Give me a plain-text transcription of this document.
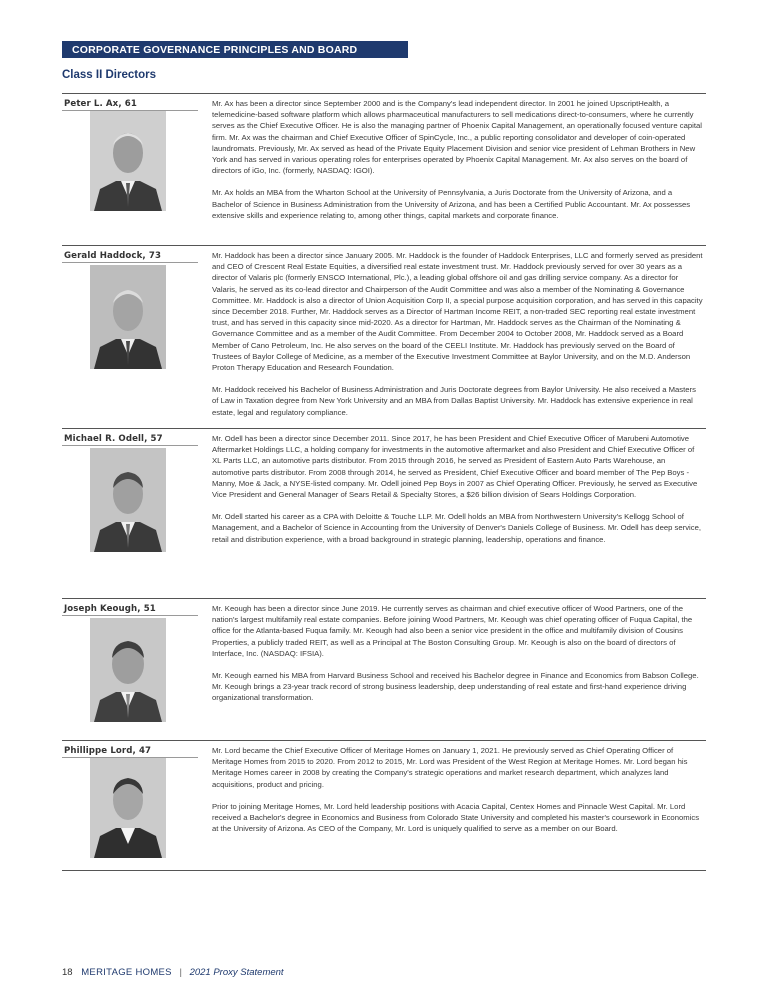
CORPORATE GOVERNANCE PRINCIPLES AND BOARD MATTERS
Class II Directors
Peter L. Ax, 61	Mr. Ax has been a director since September 2000 and is the Company's lead independent director. In 2001 he joined UpscriptHealth, a telemedicine-based software platform which allows pharmaceutical manufacturers to sell medications direct-to-consumers, where he currently serves as the Chief Executive Officer. He is also the managing partner of Phoenix Capital Management, an operationally focused venture capital firm. Mr. Ax was the chairman and Chief Executive Officer of SpinCycle, Inc., a public reporting consolidator and developer of coin-operated laundromats. Previously, Mr. Ax served as head of the Private Equity Placement Division and senior vice president of Lehman Brothers in New York and has served in various operating roles for enterprises operated by Phoenix Capital Management. Mr. Ax also serves on the board of directors of iGo, Inc. (formerly, NASDAQ: IGOI).

Mr. Ax holds an MBA from the Wharton School at the University of Pennsylvania, a Juris Doctorate from the University of Arizona, and a Bachelor of Science in Business Administration from the University of Arizona, and has been a Certified Public Accountant. Mr. Ax possesses extensive skills and experience relating to, among other things, capital markets and corporate finance.

Gerald Haddock, 73	Mr. Haddock has been a director since January 2005. Mr. Haddock is the founder of Haddock Enterprises, LLC and formerly served as president and CEO of Crescent Real Estate Equities, a diversified real estate investment trust. Mr. Haddock previously served for over 30 years as a director of Valaris plc (formerly ENSCO International, Plc.), a leading global offshore oil and gas drilling service company. As a director for Valaris, he served as its co-lead director and Chairperson of the Audit Committee and was also a member of the Nominating & Governance Committee. Mr. Haddock is also a director of Union Acquisition Corp II, a special purpose acquisition corporation, and has served in this capacity since December 2018. Further, Mr. Haddock serves as a Director of Hartman Income REIT, a non-traded SEC reporting real estate investment trust, and has served in this capacity since mid-2020. As a director for Hartman, Mr. Haddock serves as the Chairman of the Nominating & Governance Committee and as a member of the Audit Committee. From December 2004 to October 2008, Mr. Haddock served as a Board Member of Cano Petroleum, Inc. He also serves on the board of the CEELI Institute. Mr. Haddock has previously served on the Board of Trustees of Baylor College of Medicine, as a member of the Executive Investment Committee at Baylor University, and on the M.D. Anderson Proton Therapy Education and Research Foundation.

Mr. Haddock received his Bachelor of Business Administration and Juris Doctorate degrees from Baylor University. He also received a Masters of Law in Taxation degree from New York University and an MBA from Dallas Baptist University. Mr. Haddock has extensive experience in real estate, legal and regulatory compliance.

Michael R. Odell, 57	Mr. Odell has been a director since December 2011. Since 2017, he has been President and Chief Executive Officer of Marubeni Automotive Aftermarket Holdings LLC, a holding company for investments in the automotive aftermarket and also President and Chief Executive Officer of XL Parts LLC, an automotive parts distributor. From 2015 through 2016, he served as President of Eastern Auto Parts Warehouse, an automotive parts distributor. From 2008 through 2014, he served as President, Chief Executive Officer and board member of The Pep Boys - Manny, Moe & Jack, a NYSE-listed company. Mr. Odell joined Pep Boys in 2007 as Chief Operating Officer. Previously, he served as Executive Vice President and General Manager of Sears Retail & Specialty Stores, a $26 billion division of Sears Holdings Corporation.

Mr. Odell started his career as a CPA with Deloitte & Touche LLP. Mr. Odell holds an MBA from Northwestern University's Kellogg School of Management, and a Bachelor of Science in Accounting from the University of Denver's Daniels College of Business. Mr. Odell has deep service, retail and distribution experience, with a broad background in strategic planning, leadership, operations and finance.

Joseph Keough, 51	Mr. Keough has been a director since June 2019. He currently serves as chairman and chief executive officer of Wood Partners, one of the nation's largest multifamily real estate companies. Before joining Wood Partners, Mr. Keough was chief operating officer of Fuqua Capital, the office for the Atlanta-based Fuqua family. Mr. Keough had also been a senior vice president in the office and multifamily division of Cousins Properties, a publicly traded REIT, as well as a Principal at The Boston Consulting Group. Mr. Keough is also on the board of directors of Interface, Inc. (NASDAQ: IFSIA).

Mr. Keough earned his MBA from Harvard Business School and received his Bachelor degree in Finance and Economics from Babson College. Mr. Keough brings a 23-year track record of strong business leadership, deep understanding of real estate and first-hand experience driving organizational transformation.

Phillippe Lord, 47	Mr. Lord became the Chief Executive Officer of Meritage Homes on January 1, 2021. He previously served as Chief Operating Officer of Meritage Homes from 2015 to 2020. From 2012 to 2015, Mr. Lord was President of the West Region at Meritage Homes. Mr. Lord began his Meritage Homes career in 2008 by creating the Company's strategic operations and market research department, which analyzes land acquisitions, product and pricing.

Prior to joining Meritage Homes, Mr. Lord held leadership positions with Acacia Capital, Centex Homes and Pinnacle West Capital. Mr. Lord received a Bachelor's degree in Economics and Business from Colorado State University and completed his master's coursework in Economics at the University of Arizona. As CEO of the Company, Mr. Lord is uniquely qualified to serve as a member on our Board.

18 MERITAGE HOMES | 2021 Proxy Statement
